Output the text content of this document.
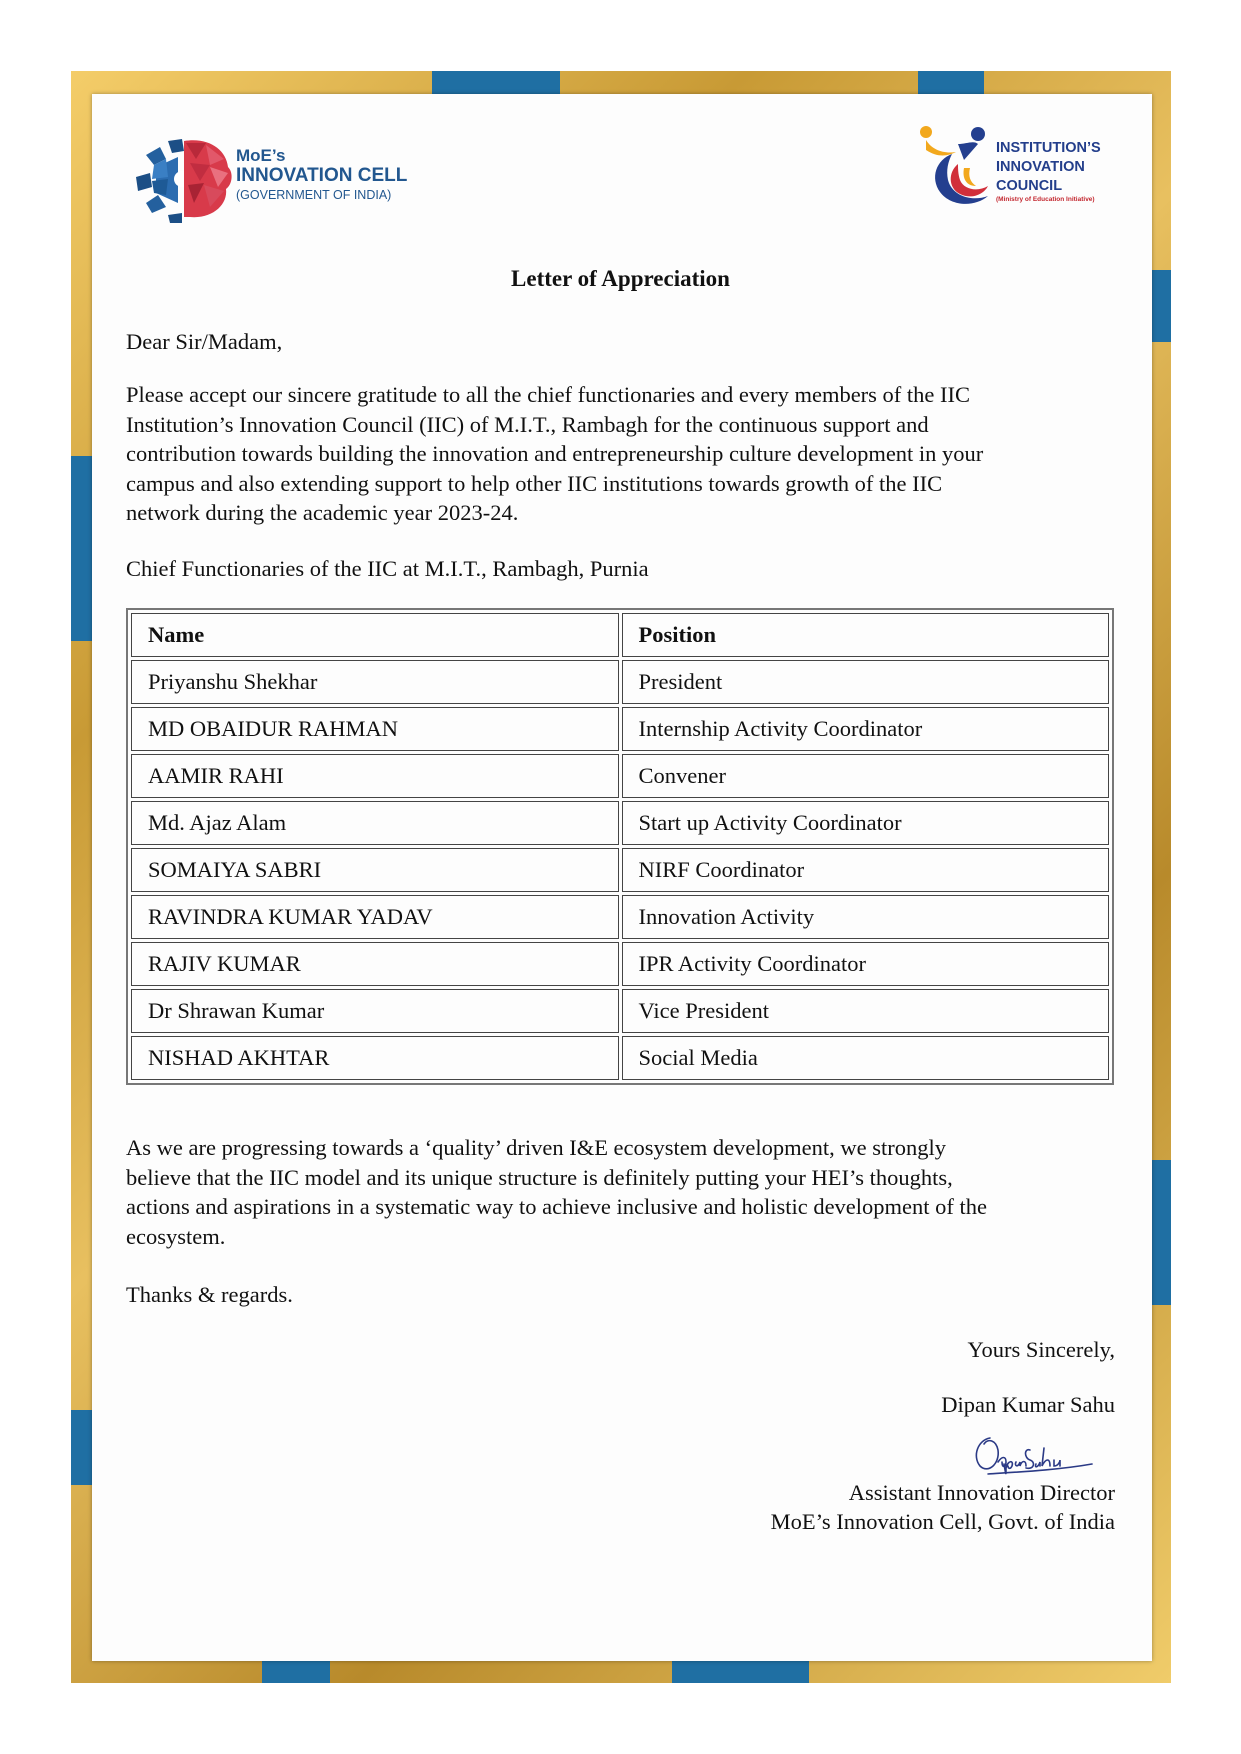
MoE’s
INNOVATION CELL
(GOVERNMENT OF INDIA)
INSTITUTION’S
INNOVATION
COUNCIL
(Ministry of Education Initiative)
Letter of Appreciation
Dear Sir/Madam,
Please accept our sincere gratitude to all the chief functionaries and every members of the IIC
Institution’s Innovation Council (IIC) of M.I.T., Rambagh for the continuous support and
contribution towards building the innovation and entrepreneurship culture development in your
campus and also extending support to help other IIC institutions towards growth of the IIC
network during the academic year 2023-24.
Chief Functionaries of the IIC at M.I.T., Rambagh, Purnia
Name	Position
Priyanshu Shekhar	President
MD OBAIDUR RAHMAN	Internship Activity Coordinator
AAMIR RAHI	Convener
Md. Ajaz Alam	Start up Activity Coordinator
SOMAIYA SABRI	NIRF Coordinator
RAVINDRA KUMAR YADAV	Innovation Activity
RAJIV KUMAR	IPR Activity Coordinator
Dr Shrawan Kumar	Vice President
NISHAD AKHTAR	Social Media
As we are progressing towards a ‘quality’ driven I&E ecosystem development, we strongly
believe that the IIC model and its unique structure is definitely putting your HEI’s thoughts,
actions and aspirations in a systematic way to achieve inclusive and holistic development of the
ecosystem.
Thanks & regards.
Yours Sincerely,
Dipan Kumar Sahu
Assistant Innovation Director
MoE’s Innovation Cell, Govt. of India
